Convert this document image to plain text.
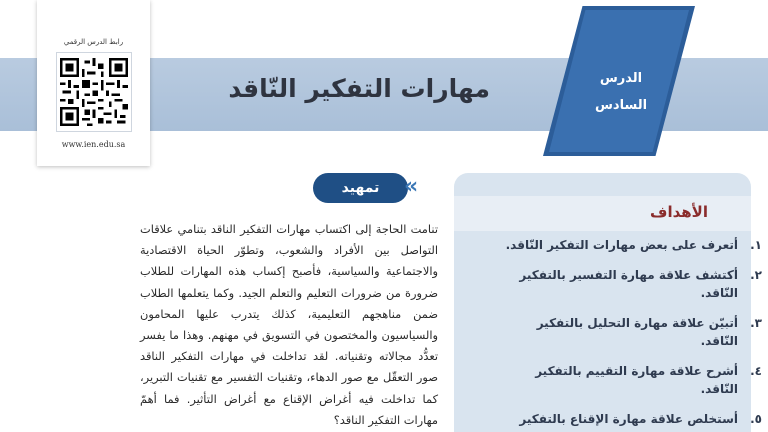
مهارات التفكير النّاقد	الدرس
السادس
رابط الدرس الرقمي
www.ien.edu.sa
تمهيد	«
تنامت الحاجة إلى اكتساب مهارات التفكير الناقد بتنامي علاقات التواصل بين الأفراد والشعوب، وتطوّر الحياة الاقتصادية والاجتماعية والسياسية، فأصبح إكساب هذه المهارات للطلاب ضرورة من ضرورات التعليم والتعلم الجيد. وكما يتعلمها الطلاب ضمن مناهجهم التعليمية، كذلك يتدرب عليها المحامون والسياسيون والمختصون في التسويق في مهنهم. وهذا ما يفسر تعدُّد مجالاته وتقنياته. لقد تداخلت في مهارات التفكير الناقد صور التعقّل مع صور الدهاء، وتقنيات التفسير مع تقنيات التبرير، كما تداخلت فيه أغراض الإقناع مع أغراض التأثير. فما أهمّ مهارات التفكير الناقد؟
الأهداف
١.
أتعرف على بعض مهارات التفكير النّاقد.
٢.
أكتشف علاقة مهارة التفسير بالتفكير النّاقد.
٣.
أتبيّن علاقة مهارة التحليل بالتفكير النّاقد.
٤.
أشرح علاقة مهارة التقييم بالتفكير النّاقد.
٥.
أستخلص علاقة مهارة الإقناع بالتفكير
